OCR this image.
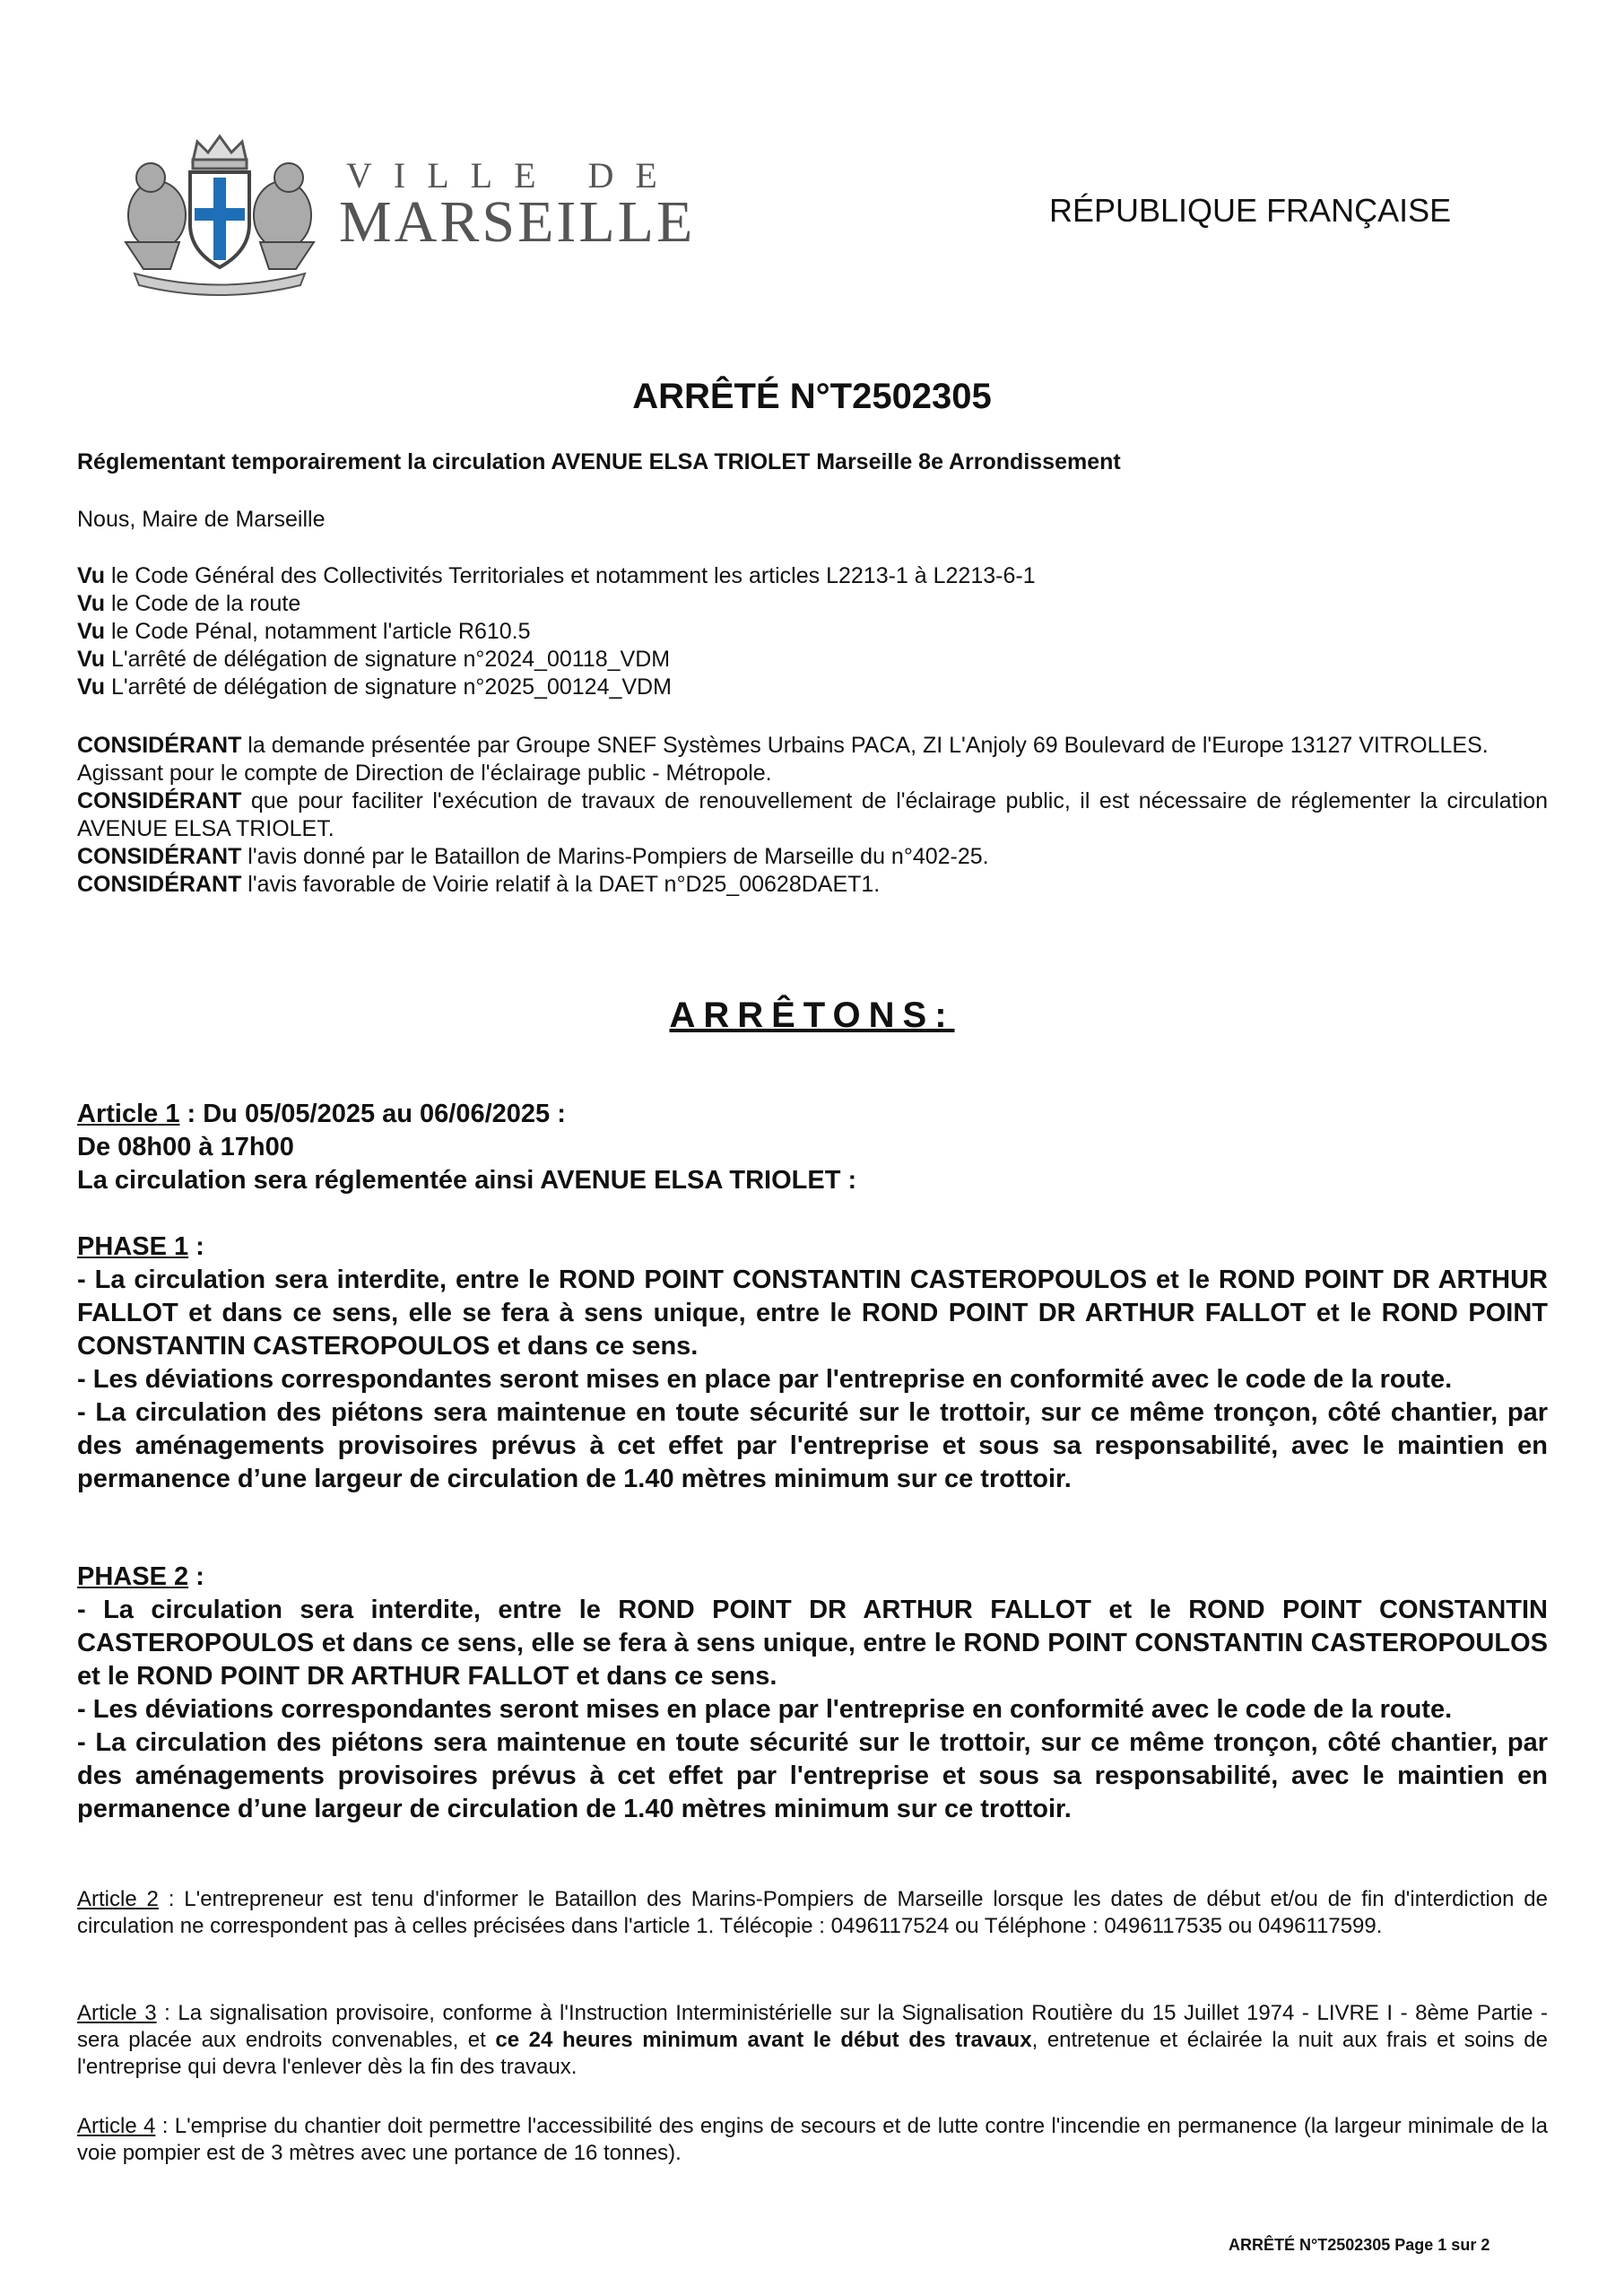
VILLE DE
MARSEILLE	RÉPUBLIQUE FRANÇAISE
ARRÊTÉ N°T2502305
Réglementant temporairement la circulation AVENUE ELSA TRIOLET Marseille 8e Arrondissement
Nous, Maire de Marseille

Vu le Code Général des Collectivités Territoriales et notamment les articles L2213-1 à L2213-6-1

Vu le Code de la route

Vu le Code Pénal, notamment l'article R610.5

Vu L'arrêté de délégation de signature n°2024_00118_VDM

Vu L'arrêté de délégation de signature n°2025_00124_VDM

CONSIDÉRANT la demande présentée par Groupe SNEF Systèmes Urbains PACA, ZI L'Anjoly 69 Boulevard de l'Europe 13127 VITROLLES.

Agissant pour le compte de Direction de l'éclairage public - Métropole.

CONSIDÉRANT que pour faciliter l'exécution de travaux de renouvellement de l'éclairage public, il est nécessaire de réglementer la circulation AVENUE ELSA TRIOLET.

CONSIDÉRANT l'avis donné par le Bataillon de Marins-Pompiers de Marseille du n°402-25.

CONSIDÉRANT l'avis favorable de Voirie relatif à la DAET n°D25_00628DAET1.

ARRÊTONS:

Article 1 : Du 05/05/2025 au 06/06/2025 :

De 08h00 à 17h00

La circulation sera réglementée ainsi AVENUE ELSA TRIOLET :

PHASE 1 :

- La circulation sera interdite, entre le ROND POINT CONSTANTIN CASTEROPOULOS et le ROND POINT DR ARTHUR FALLOT et dans ce sens, elle se fera à sens unique, entre le ROND POINT DR ARTHUR FALLOT et le ROND POINT CONSTANTIN CASTEROPOULOS et dans ce sens.

- Les déviations correspondantes seront mises en place par l'entreprise en conformité avec le code de la route.

- La circulation des piétons sera maintenue en toute sécurité sur le trottoir, sur ce même tronçon, côté chantier, par des aménagements provisoires prévus à cet effet par l'entreprise et sous sa responsabilité, avec le maintien en permanence d’une largeur de circulation de 1.40 mètres minimum sur ce trottoir.

PHASE 2 :

- La circulation sera interdite, entre le ROND POINT DR ARTHUR FALLOT et le ROND POINT CONSTANTIN CASTEROPOULOS et dans ce sens, elle se fera à sens unique, entre le ROND POINT CONSTANTIN CASTEROPOULOS et le ROND POINT DR ARTHUR FALLOT et dans ce sens.

- Les déviations correspondantes seront mises en place par l'entreprise en conformité avec le code de la route.

- La circulation des piétons sera maintenue en toute sécurité sur le trottoir, sur ce même tronçon, côté chantier, par des aménagements provisoires prévus à cet effet par l'entreprise et sous sa responsabilité, avec le maintien en permanence d’une largeur de circulation de 1.40 mètres minimum sur ce trottoir.

Article 2 : L'entrepreneur est tenu d'informer le Bataillon des Marins-Pompiers de Marseille lorsque les dates de début et/ou de fin d'interdiction de circulation ne correspondent pas à celles précisées dans l'article 1. Télécopie : 0496117524 ou Téléphone : 0496117535 ou 0496117599.

Article 3 : La signalisation provisoire, conforme à l'Instruction Interministérielle sur la Signalisation Routière du 15 Juillet 1974 - LIVRE I - 8ème Partie - sera placée aux endroits convenables, et ce 24 heures minimum avant le début des travaux, entretenue et éclairée la nuit aux frais et soins de l'entreprise qui devra l'enlever dès la fin des travaux.

Article 4 : L'emprise du chantier doit permettre l'accessibilité des engins de secours et de lutte contre l'incendie en permanence (la largeur minimale de la voie pompier est de 3 mètres avec une portance de 16 tonnes).

ARRÊTÉ N°T2502305 Page 1 sur 2
